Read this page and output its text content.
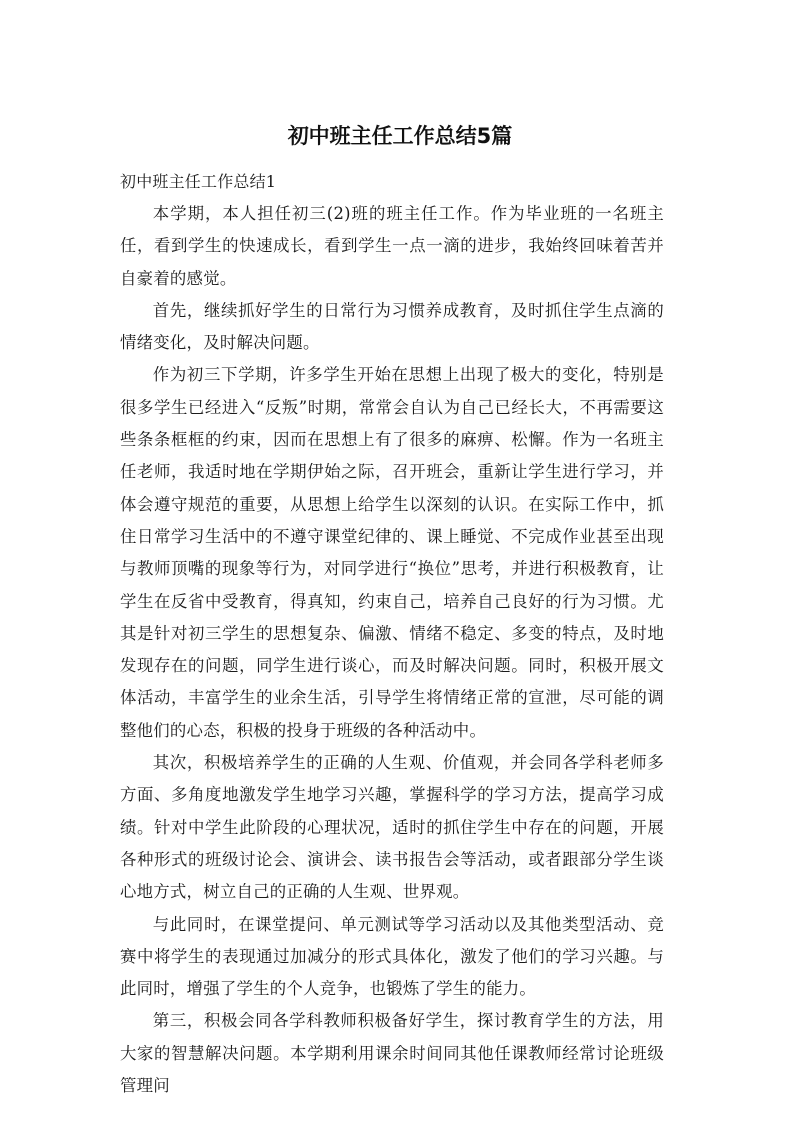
初中班主任工作总结5篇

初中班主任工作总结1

本学期，本人担任初三(2)班的班主任工作。作为毕业班的一名班主任，看到学生的快速成长，看到学生一点一滴的进步，我始终回味着苦并自豪着的感觉。

首先，继续抓好学生的日常行为习惯养成教育，及时抓住学生点滴的情绪变化，及时解决问题。

作为初三下学期，许多学生开始在思想上出现了极大的变化，特别是很多学生已经进入“反叛”时期，常常会自认为自己已经长大，不再需要这些条条框框的约束，因而在思想上有了很多的麻痹、松懈。作为一名班主任老师，我适时地在学期伊始之际，召开班会，重新让学生进行学习，并体会遵守规范的重要，从思想上给学生以深刻的认识。在实际工作中，抓住日常学习生活中的不遵守课堂纪律的、课上睡觉、不完成作业甚至出现与教师顶嘴的现象等行为，对同学进行“换位”思考，并进行积极教育，让学生在反省中受教育，得真知，约束自己，培养自己良好的行为习惯。尤其是针对初三学生的思想复杂、偏激、情绪不稳定、多变的特点，及时地发现存在的问题，同学生进行谈心，而及时解决问题。同时，积极开展文体活动，丰富学生的业余生活，引导学生将情绪正常的宣泄，尽可能的调整他们的心态，积极的投身于班级的各种活动中。

其次，积极培养学生的正确的人生观、价值观，并会同各学科老师多方面、多角度地激发学生地学习兴趣，掌握科学的学习方法，提高学习成绩。针对中学生此阶段的心理状况，适时的抓住学生中存在的问题，开展各种形式的班级讨论会、演讲会、读书报告会等活动，或者跟部分学生谈心地方式，树立自己的正确的人生观、世界观。

与此同时，在课堂提问、单元测试等学习活动以及其他类型活动、竞赛中将学生的表现通过加减分的形式具体化，激发了他们的学习兴趣。与此同时，增强了学生的个人竞争，也锻炼了学生的能力。

第三，积极会同各学科教师积极备好学生，探讨教育学生的方法，用大家的智慧解决问题。本学期利用课余时间同其他任课教师经常讨论班级管理问
